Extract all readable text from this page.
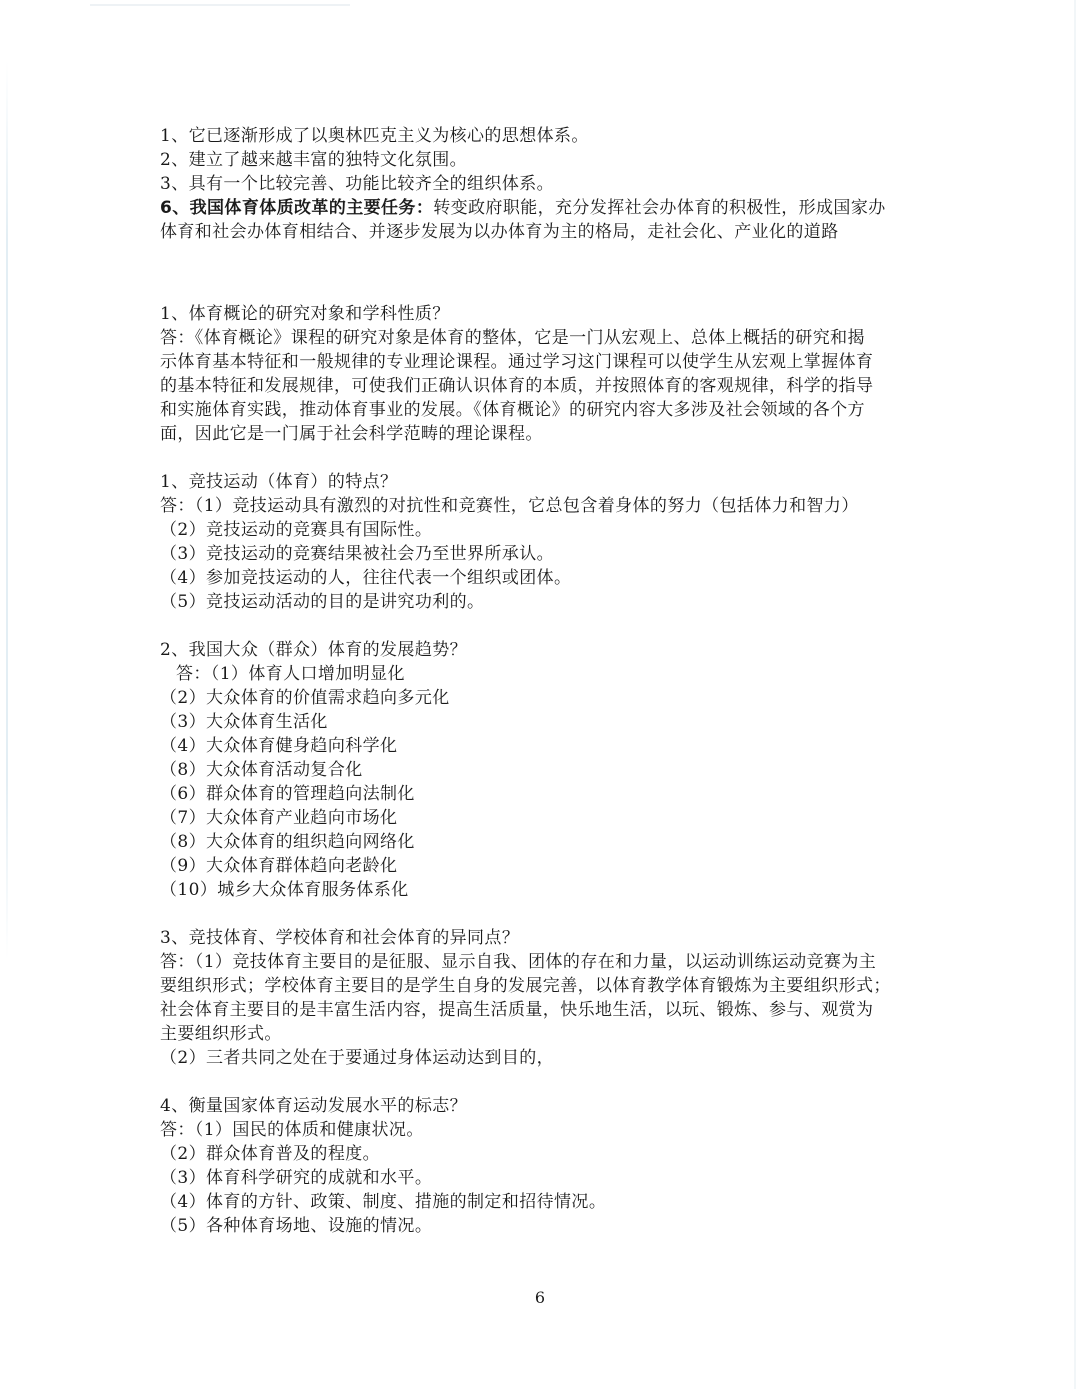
1、它已逐渐形成了以奥林匹克主义为核心的思想体系。
2、建立了越来越丰富的独特文化氛围。
3、具有一个比较完善、功能比较齐全的组织体系。
6、我国体育体质改革的主要任务：转变政府职能，充分发挥社会办体育的积极性，形成国家办
体育和社会办体育相结合、并逐步发展为以办体育为主的格局，走社会化、产业化的道路
1、体育概论的研究对象和学科性质？
答：《体育概论》课程的研究对象是体育的整体，它是一门从宏观上、总体上概括的研究和揭
示体育基本特征和一般规律的专业理论课程。通过学习这门课程可以使学生从宏观上掌握体育
的基本特征和发展规律，可使我们正确认识体育的本质，并按照体育的客观规律，科学的指导
和实施体育实践，推动体育事业的发展。《体育概论》的研究内容大多涉及社会领域的各个方
面，因此它是一门属于社会科学范畴的理论课程。
1、竞技运动（体育）的特点？
答：（1）竞技运动具有激烈的对抗性和竞赛性，它总包含着身体的努力（包括体力和智力）
（2）竞技运动的竞赛具有国际性。
（3）竞技运动的竞赛结果被社会乃至世界所承认。
（4）参加竞技运动的人，往往代表一个组织或团体。
（5）竞技运动活动的目的是讲究功利的。
2、我国大众（群众）体育的发展趋势？
答：（1）体育人口增加明显化
（2）大众体育的价值需求趋向多元化
（3）大众体育生活化
（4）大众体育健身趋向科学化
（8）大众体育活动复合化
（6）群众体育的管理趋向法制化
（7）大众体育产业趋向市场化
（8）大众体育的组织趋向网络化
（9）大众体育群体趋向老龄化
（10）城乡大众体育服务体系化
3、竞技体育、学校体育和社会体育的异同点？
答：（1）竞技体育主要目的是征服、显示自我、团体的存在和力量，以运动训练运动竞赛为主
要组织形式；学校体育主要目的是学生自身的发展完善，以体育教学体育锻炼为主要组织形式；
社会体育主要目的是丰富生活内容，提高生活质量，快乐地生活，以玩、锻炼、参与、观赏为
主要组织形式。
（2）三者共同之处在于要通过身体运动达到目的，
4、衡量国家体育运动发展水平的标志？
答：（1）国民的体质和健康状况。
（2）群众体育普及的程度。
（3）体育科学研究的成就和水平。
（4）体育的方针、政策、制度、措施的制定和招待情况。
（5）各种体育场地、设施的情况。
6
